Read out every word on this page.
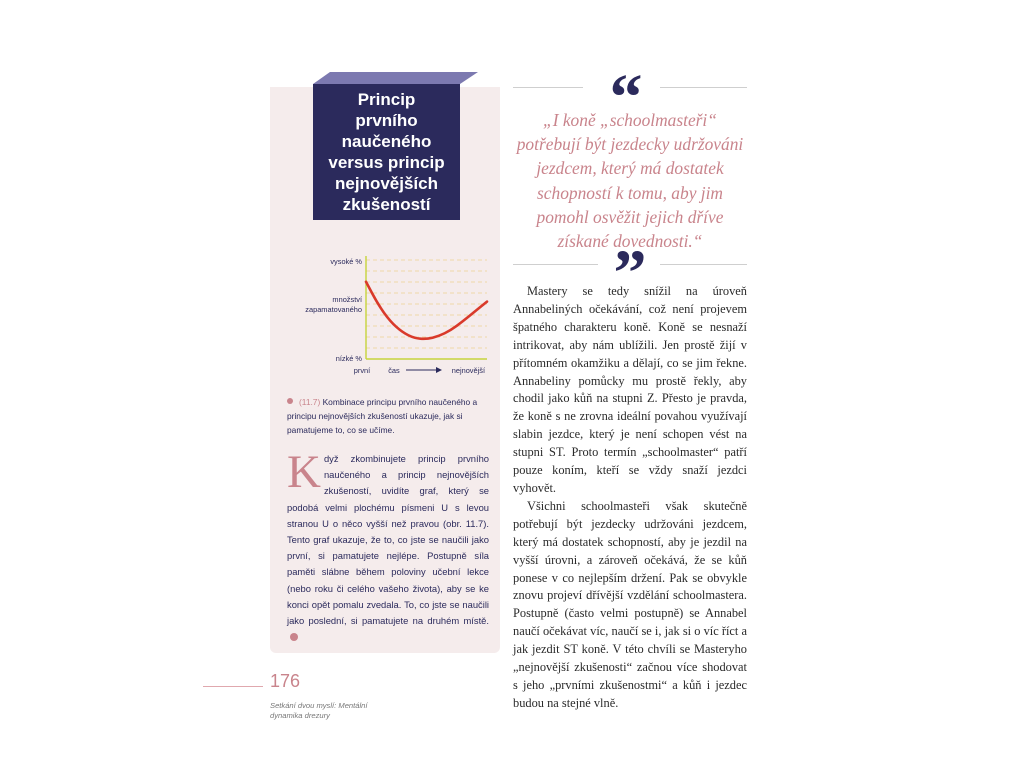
Princip
prvního
naučeného
versus princip
nejnovějších
zkušeností
vysoké %
množství zapamatovaného
nízké %
první čas	nejnovější
(11.7) Kombinace principu prvního naučeného a principu nejnovějších zkušeností ukazuje, jak si pamatujeme to, co se učíme.
Když zkombinujete princip prvního naučeného a princip nejnovějších zkušeností, uvidíte graf, který se podobá velmi plochému písmeni U s levou stranou U o něco vyšší než pravou (obr. 11.7). Tento graf ukazuje, že to, co jste se naučili jako první, si pamatujete nejlépe. Postupně síla paměti slábne během poloviny učební lekce (nebo roku či celého vašeho života), aby se ke konci opět pomalu zvedala. To, co jste se naučili jako poslední, si pamatujete na druhém místě.
“
„I koně „schoolmasteři“ potřebují být jezdecky udržováni jezdcem, který má dostatek schopností k tomu, aby jim pomohl osvěžit jejich dříve získané dovednosti.“
”

Mastery se tedy snížil na úroveň Annabeliných očekávání, což není projevem špatného charakteru koně. Koně se nesnaží intrikovat, aby nám ublížili. Jen prostě žijí v přítomném okamžiku a dělají, co se jim řekne. Annabeliny pomůcky mu prostě řekly, aby chodil jako kůň na stupni Z. Přesto je pravda, že koně s ne zrovna ideální povahou využívají slabin jezdce, který je není schopen vést na stupni ST. Proto termín „schoolmaster“ patří pouze koním, kteří se vždy snaží jezdci vyhovět.

Všichni schoolmasteři však skutečně potřebují být jezdecky udržováni jezdcem, který má dostatek schopností, aby je jezdil na vyšší úrovni, a zároveň očekává, že se kůň ponese v co nejlepším držení. Pak se obvykle znovu projeví dřívější vzdělání schoolmastera. Postupně (často velmi postupně) se Annabel naučí očekávat víc, naučí se i, jak si o víc říct a jak jezdit ST koně. V této chvíli se Masteryho „nejnovější zkušenosti“ začnou více shodovat s jeho „prvními zkušenostmi“ a kůň i jezdec budou na stejné vlně.

176
Setkání dvou myslí: Mentální dynamika drezury
